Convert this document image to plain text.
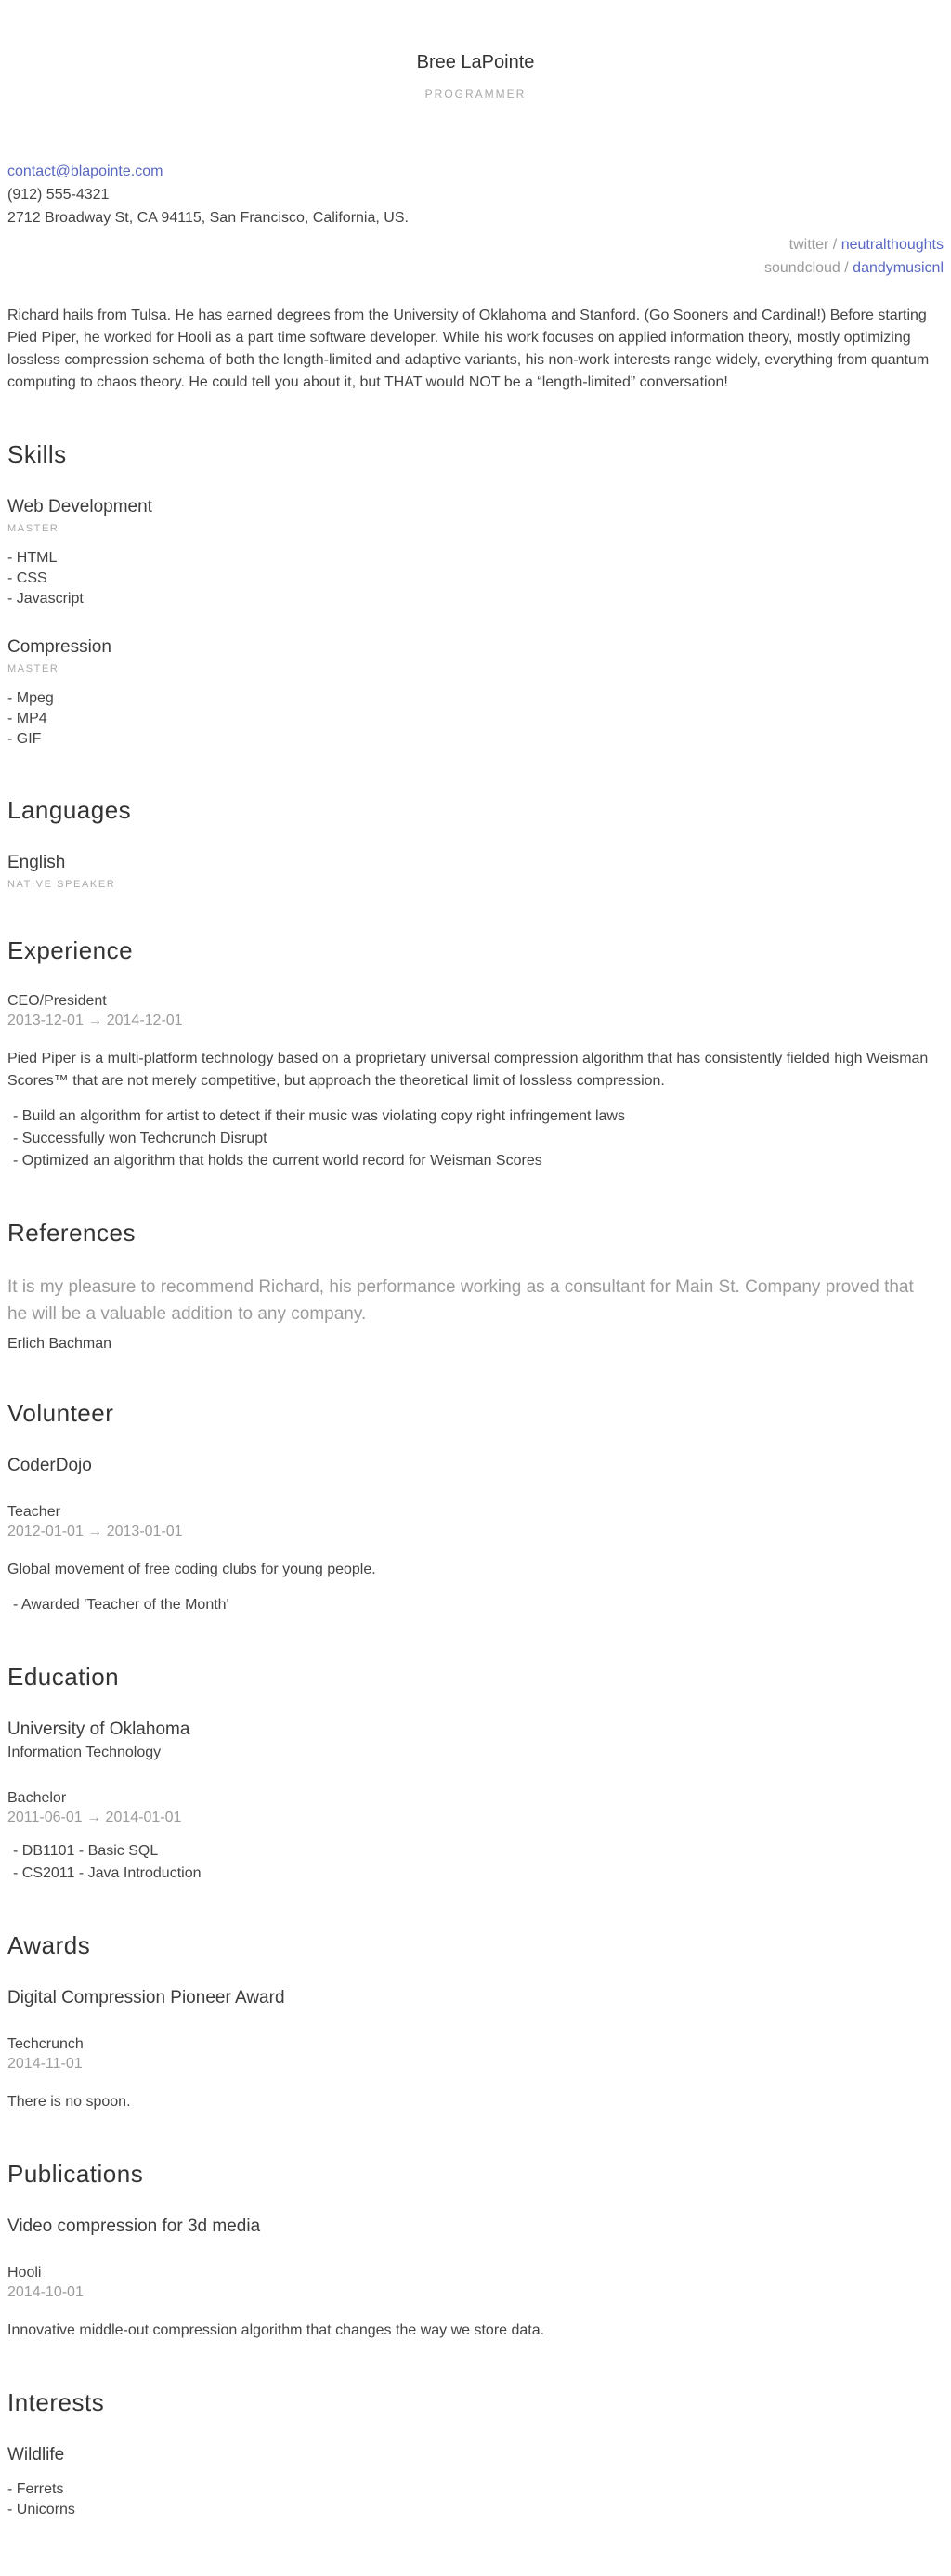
Bree LaPointe
PROGRAMMER
contact@blapointe.com
(912) 555-4321
2712 Broadway St, CA 94115, San Francisco, California, US.
twitter / neutralthoughts
soundcloud / dandymusicnl

Richard hails from Tulsa. He has earned degrees from the University of Oklahoma and Stanford. (Go Sooners and Cardinal!) Before starting Pied Piper, he worked for Hooli as a part time software developer. While his work focuses on applied information theory, mostly optimizing lossless compression schema of both the length-limited and adaptive variants, his non-work interests range widely, everything from quantum computing to chaos theory. He could tell you about it, but THAT would NOT be a “length-limited” conversation!

Skills
Web Development
MASTER
- HTML
- CSS
- Javascript
Compression
MASTER
- Mpeg
- MP4
- GIF
Languages
English
NATIVE SPEAKER
Experience
CEO/President
2013-12-01 → 2014-12-01

Pied Piper is a multi-platform technology based on a proprietary universal compression algorithm that has consistently fielded high Weisman Scores™ that are not merely competitive, but approach the theoretical limit of lossless compression.

- Build an algorithm for artist to detect if their music was violating copy right infringement laws
- Successfully won Techcrunch Disrupt
- Optimized an algorithm that holds the current world record for Weisman Scores
References

It is my pleasure to recommend Richard, his performance working as a consultant for Main St. Company proved that he will be a valuable addition to any company.

Erlich Bachman
Volunteer
CoderDojo
Teacher
2012-01-01 → 2013-01-01

Global movement of free coding clubs for young people.

- Awarded 'Teacher of the Month'
Education
University of Oklahoma
Information Technology
Bachelor
2011-06-01 → 2014-01-01
- DB1101 - Basic SQL
- CS2011 - Java Introduction
Awards
Digital Compression Pioneer Award
Techcrunch
2014-11-01

There is no spoon.

Publications
Video compression for 3d media
Hooli
2014-10-01

Innovative middle-out compression algorithm that changes the way we store data.

Interests
Wildlife
- Ferrets
- Unicorns
